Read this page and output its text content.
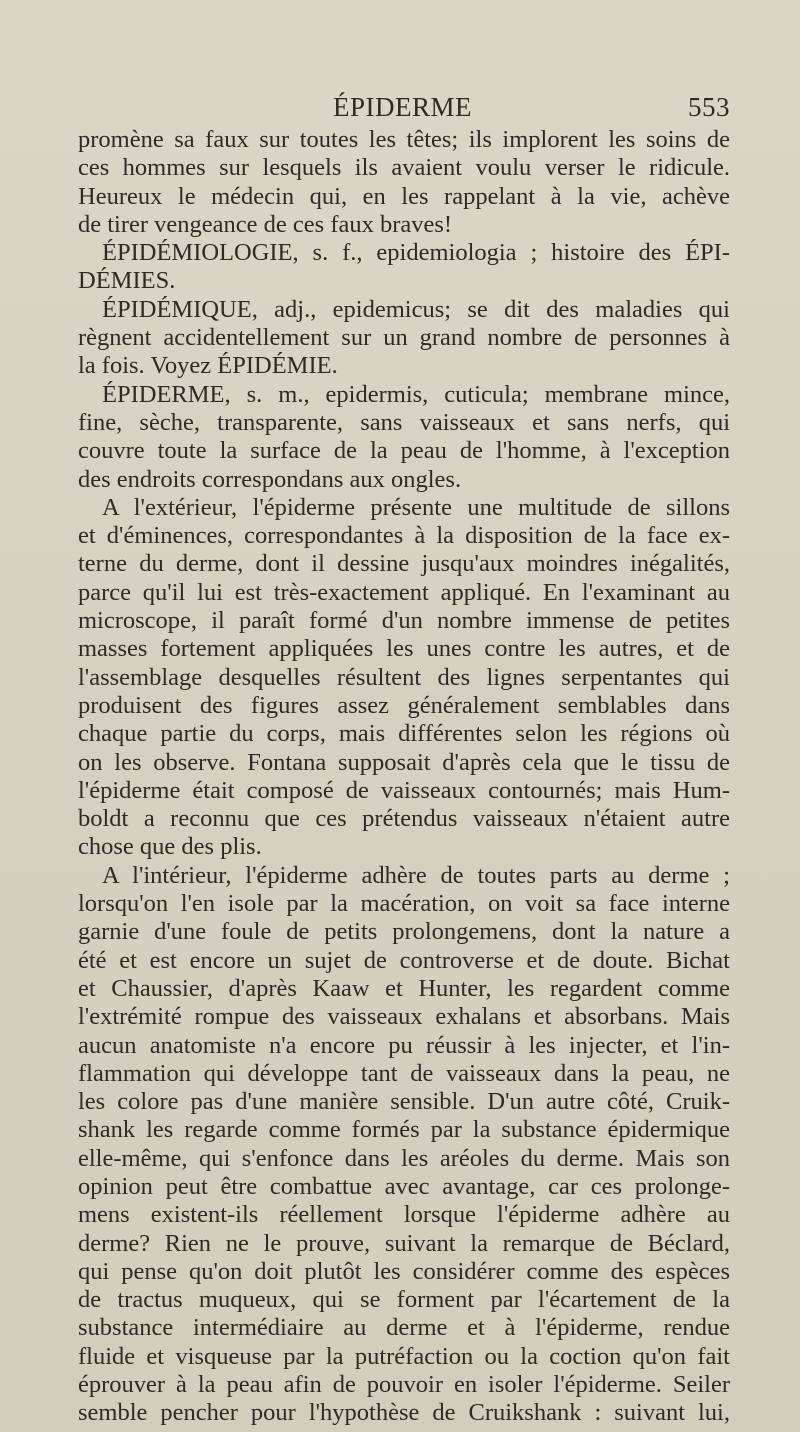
ÉPIDERME	553
promène sa faux sur toutes les têtes; ils implorent les soins de
ces hommes sur lesquels ils avaient voulu verser le ridicule.
Heureux le médecin qui, en les rappelant à la vie, achève
de tirer vengeance de ces faux braves!
ÉPIDÉMIOLOGIE, s. f., epidemiologia ; histoire des ÉPI-
DÉMIES.
ÉPIDÉMIQUE, adj., epidemicus; se dit des maladies qui
règnent accidentellement sur un grand nombre de personnes à
la fois. Voyez ÉPIDÉMIE.
ÉPIDERME, s. m., epidermis, cuticula; membrane mince,
fine, sèche, transparente, sans vaisseaux et sans nerfs, qui
couvre toute la surface de la peau de l'homme, à l'exception
des endroits correspondans aux ongles.
A l'extérieur, l'épiderme présente une multitude de sillons
et d'éminences, correspondantes à la disposition de la face ex-
terne du derme, dont il dessine jusqu'aux moindres inégalités,
parce qu'il lui est très-exactement appliqué. En l'examinant au
microscope, il paraît formé d'un nombre immense de petites
masses fortement appliquées les unes contre les autres, et de
l'assemblage desquelles résultent des lignes serpentantes qui
produisent des figures assez généralement semblables dans
chaque partie du corps, mais différentes selon les régions où
on les observe. Fontana supposait d'après cela que le tissu de
l'épiderme était composé de vaisseaux contournés; mais Hum-
boldt a reconnu que ces prétendus vaisseaux n'étaient autre
chose que des plis.
A l'intérieur, l'épiderme adhère de toutes parts au derme ;
lorsqu'on l'en isole par la macération, on voit sa face interne
garnie d'une foule de petits prolongemens, dont la nature a
été et est encore un sujet de controverse et de doute. Bichat
et Chaussier, d'après Kaaw et Hunter, les regardent comme
l'extrémité rompue des vaisseaux exhalans et absorbans. Mais
aucun anatomiste n'a encore pu réussir à les injecter, et l'in-
flammation qui développe tant de vaisseaux dans la peau, ne
les colore pas d'une manière sensible. D'un autre côté, Cruik-
shank les regarde comme formés par la substance épidermique
elle-même, qui s'enfonce dans les aréoles du derme. Mais son
opinion peut être combattue avec avantage, car ces prolonge-
mens existent-ils réellement lorsque l'épiderme adhère au
derme? Rien ne le prouve, suivant la remarque de Béclard,
qui pense qu'on doit plutôt les considérer comme des espèces
de tractus muqueux, qui se forment par l'écartement de la
substance intermédiaire au derme et à l'épiderme, rendue
fluide et visqueuse par la putréfaction ou la coction qu'on fait
éprouver à la peau afin de pouvoir en isoler l'épiderme. Seiler
semble pencher pour l'hypothèse de Cruikshank : suivant lui,
